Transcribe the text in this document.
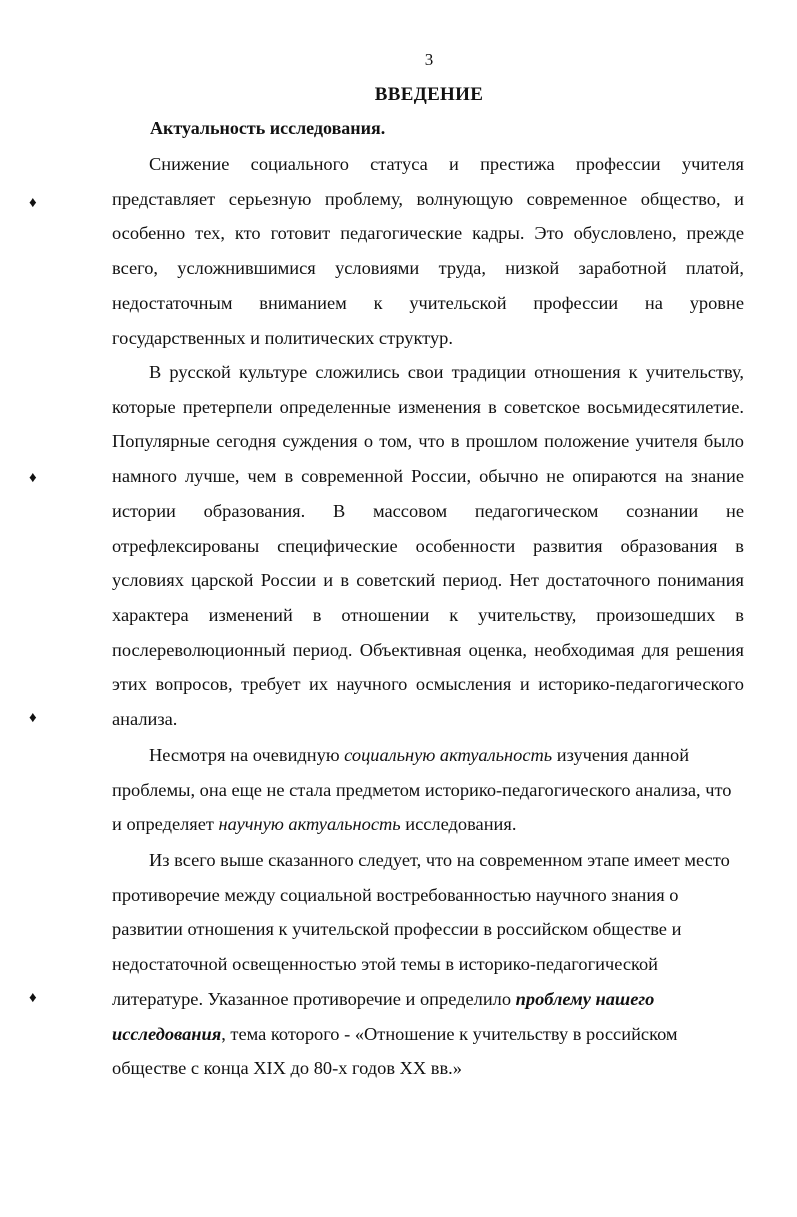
3
ВВЕДЕНИЕ
Актуальность исследования.

Снижение социального статуса и престижа профессии учителя представляет серьезную проблему, волнующую современное общество, и особенно тех, кто готовит педагогические кадры. Это обусловлено, прежде всего, усложнившимися условиями труда, низкой заработной платой, недостаточным вниманием к учительской профессии на уровне государственных и политических структур.

В русской культуре сложились свои традиции отношения к учительству, которые претерпели определенные изменения в советское восьмидесятилетие. Популярные сегодня суждения о том, что в прошлом положение учителя было намного лучше, чем в современной России, обычно не опираются на знание истории образования. В массовом педагогическом сознании не отрефлексированы специфические особенности развития образования в условиях царской России и в советский период. Нет достаточного понимания характера изменений в отношении к учительству, произошедших в послереволюционный период. Объективная оценка, необходимая для решения этих вопросов, требует их научного осмысления и историко-педагогического анализа.

Несмотря на очевидную социальную актуальность изучения данной проблемы, она еще не стала предметом историко-педагогического анализа, что и определяет научную актуальность исследования.

Из всего выше сказанного следует, что на современном этапе имеет место противоречие между социальной востребованностью научного знания о развитии отношения к учительской профессии в российском обществе и недостаточной освещенностью этой темы в историко-педагогической литературе. Указанное противоречие и определило проблему нашего исследования, тема которого - «Отношение к учительству в российском обществе с конца XIX до 80-х годов XX вв.»

♦
♦
♦
♦
